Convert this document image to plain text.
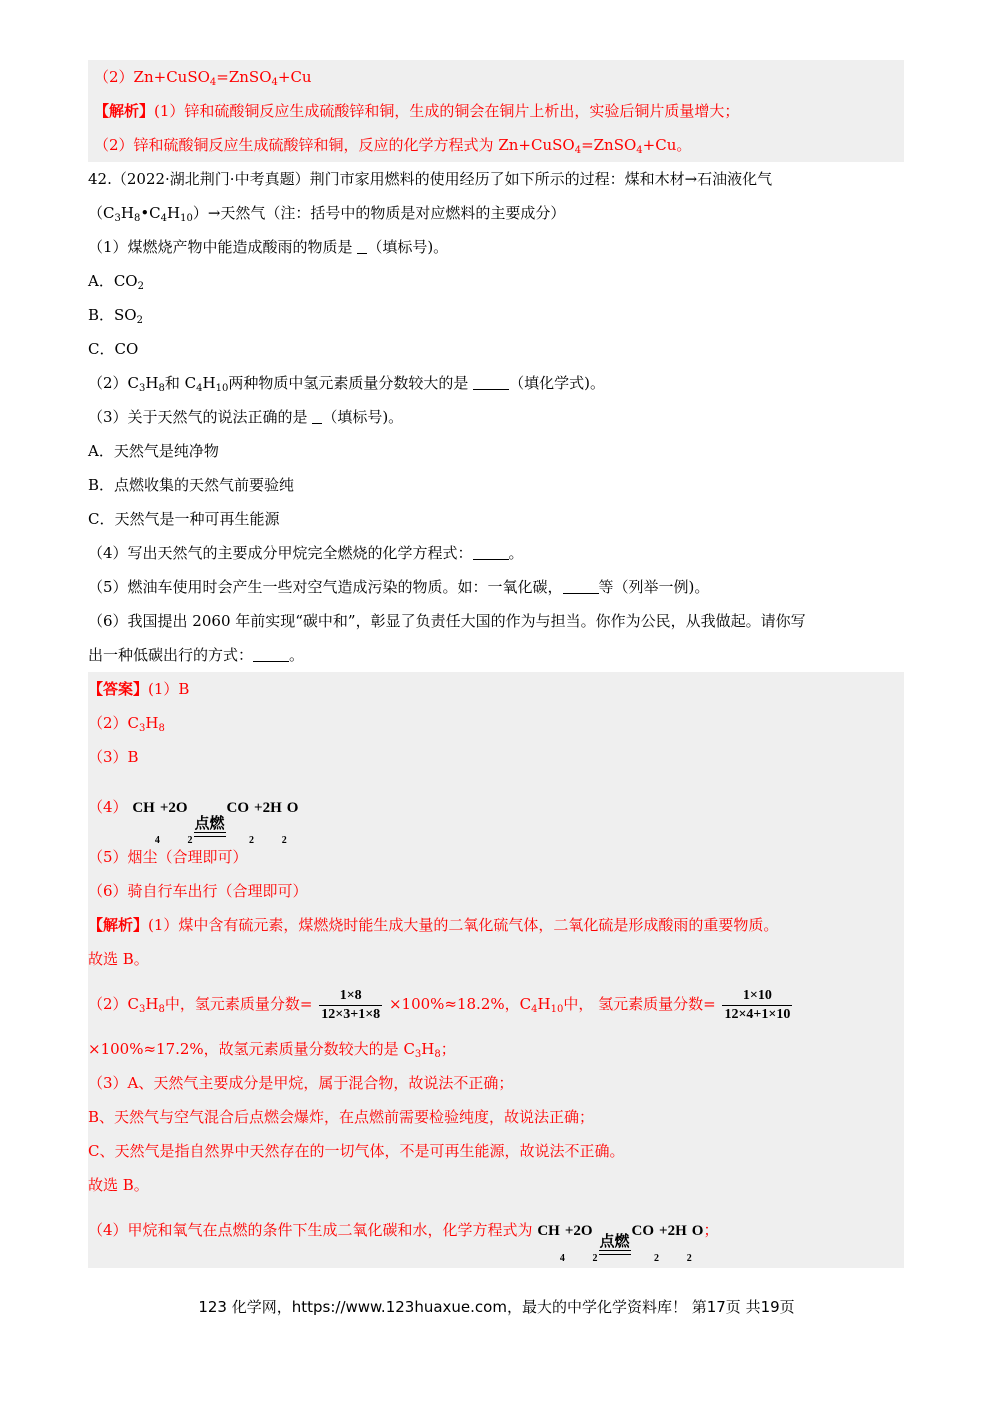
（2）Zn+CuSO$_4$=ZnSO$_4$+Cu
【解析】(1）锌和硫酸铜反应生成硫酸锌和铜，生成的铜会在铜片上析出，实验后铜片质量增大；
（2）锌和硫酸铜反应生成硫酸锌和铜，反应的化学方程式为 Zn+CuSO$_4$=ZnSO$_4$+Cu。
42.（2022·湖北荆门·中考真题）荆门市家用燃料的使用经历了如下所示的过程：煤和木材→石油液化气
$(C_3H_8•C_4H_{10})\to$天然气（注：括号中的物质是对应燃料的主要成分）
（1）煤燃烧产物中能造成酸雨的物质是 （填标号)。
A．$CO_2$
B．$SO_2$
C．CO
$(2)C_3H_8$和 $C_4H_{10}$两种物质中氢元素质量分数较大的是	（填化学式)。
（3）关于天然气的说法正确的是 （填标号)。
A．天然气是纯净物
B．点燃收集的天然气前要验纯
C．天然气是一种可再生能源
（4）写出天然气的主要成分甲烷完全燃烧的化学方程式： 。
（5）燃油车使用时会产生一些对空气造成污染的物质。如：一氧化碳， 等（列举一例)。
（6）我国提出 2060 年前实现“碳中和”，彰显了负责任大国的作为与担当。你作为公民，从我做起。请你写
出一种低碳出行的方式： 。
【答案】(1）B
$(2)C_3H_8$
（3）B
（4） CH
4
+2O
2
点燃
CO
2
+2H
2
O
（5）烟尘（合理即可）
（6）骑自行车出行（合理即可）
【解析】(1）煤中含有硫元素，煤燃烧时能生成大量的二氧化硫气体，二氧化硫是形成酸雨的重要物质。
故选 B。
$(2)C_3H_8$中，氢元素质量分数= $\frac{1\times 8}{12\times 3+1\times 8} \times 100\%\approx 18.2\%$，$C_4H_{10}$中， 氢元素质量分数= $\frac{1\times 10}{12\times 4+1\times 10}$
×100%≈17.2%，故氢元素质量分数较大的是 $C_3H_8$；
（3）A、天然气主要成分是甲烷，属于混合物，故说法不正确；
B、天然气与空气混合后点燃会爆炸，在点燃前需要检验纯度，故说法正确；
C、天然气是指自然界中天然存在的一切气体，不是可再生能源，故说法不正确。
故选 B。
（4）甲烷和氧气在点燃的条件下生成二氧化碳和水，化学方程式为 CH
4
+2O
2
点燃
CO
2
+2H
2
O ；
123 化学网，https://www.123huaxue.com，最大的中学化学资料库！ 第17页 共19页
